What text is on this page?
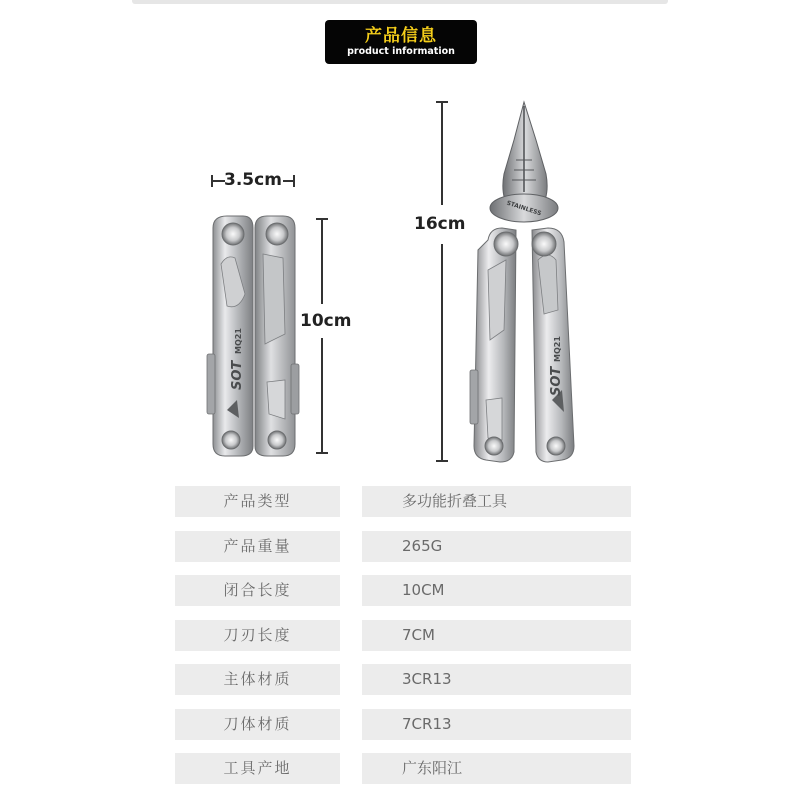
产品信息
product information
3.5cm
10cm
16cm
SOT
MQ21
STAINLESS
SOT
MQ21
产品类型	多功能折叠工具
产品重量	265G
闭合长度	10CM
刀刃长度	7CM
主体材质	3CR13
刀体材质	7CR13
工具产地	广东阳江
